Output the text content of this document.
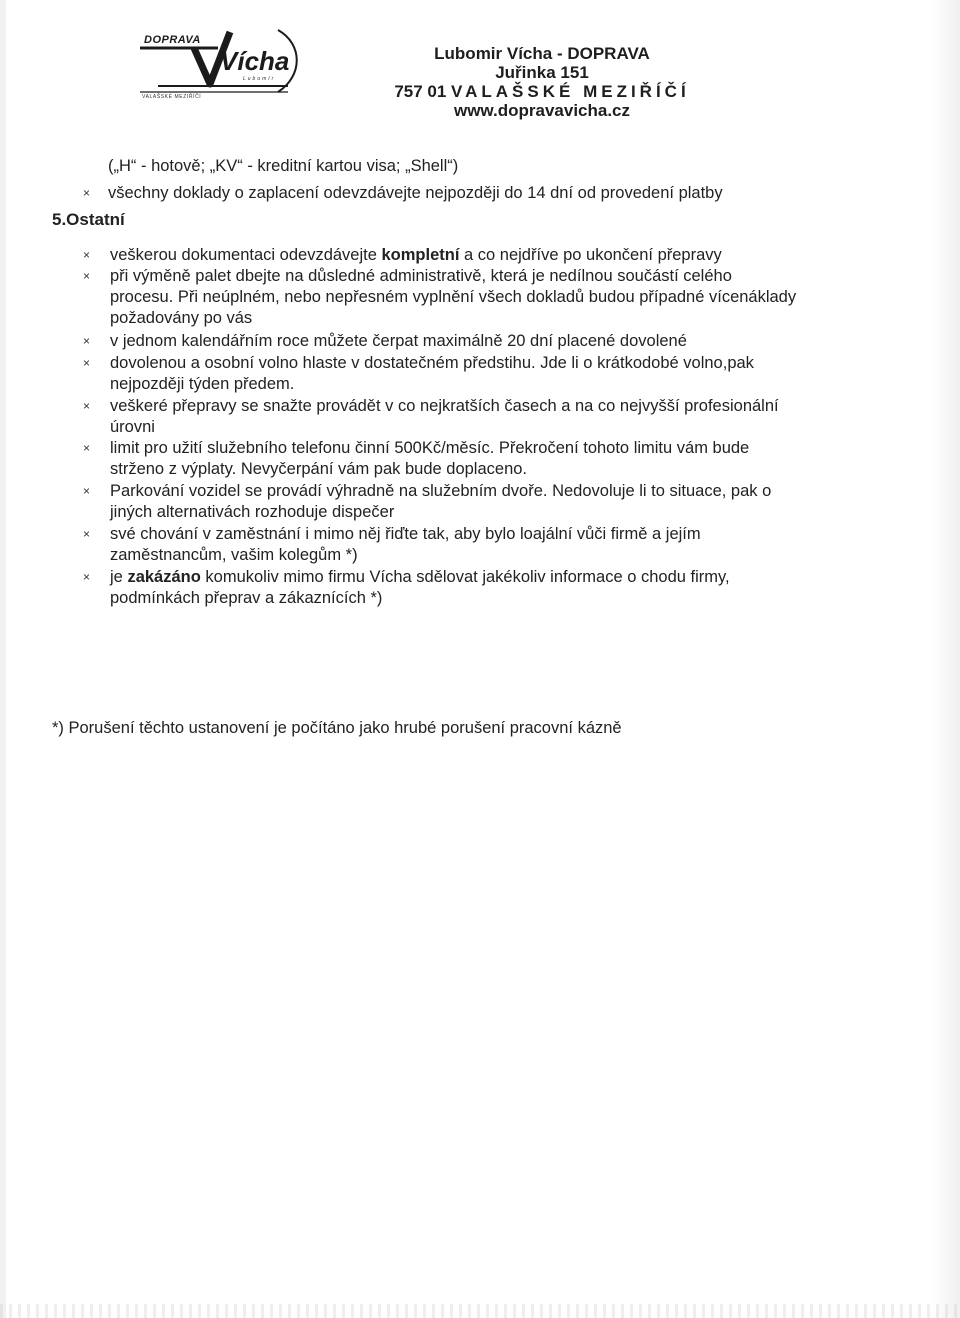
DOPRAVA
Vícha
Lubomír
VALAŠSKÉ MEZIŘÍČÍ
Lubomir Vícha - DOPRAVA
Juřinka 151
757 01 VALAŠSKÉ MEZIŘÍČÍ
www.dopravavicha.cz
(„H“ - hotově; „KV“ - kreditní kartou visa; „Shell“)
× všechny doklady o zaplacení odevzdávejte nejpozději do 14 dní od provedení platby
5.Ostatní
× veškerou dokumentaci odevzdávejte kompletní a co nejdříve po ukončení přepravy
× při výměně palet dbejte na důsledné administrativě, která je nedílnou součástí celého
procesu. Při neúplném, nebo nepřesném vyplnění všech dokladů budou případné vícenáklady
požadovány po vás
× v jednom kalendářním roce můžete čerpat maximálně 20 dní placené dovolené
× dovolenou a osobní volno hlaste v dostatečném předstihu. Jde li o krátkodobé volno,pak
nejpozději týden předem.
× veškeré přepravy se snažte provádět v co nejkratších časech a na co nejvyšší profesionální
úrovni
× limit pro užití služebního telefonu činní 500Kč/měsíc. Překročení tohoto limitu vám bude
strženo z výplaty. Nevyčerpání vám pak bude doplaceno.
× Parkování vozidel se provádí výhradně na služebním dvoře. Nedovoluje li to situace, pak o
jiných alternativách rozhoduje dispečer
× své chování v zaměstnání i mimo něj řiďte tak, aby bylo loajální vůči firmě a jejím
zaměstnancům, vašim kolegům *)
× je zakázáno komukoliv mimo firmu Vícha sdělovat jakékoliv informace o chodu firmy,
podmínkách přeprav a zákaznících *)
*) Porušení těchto ustanovení je počítáno jako hrubé porušení pracovní kázně
